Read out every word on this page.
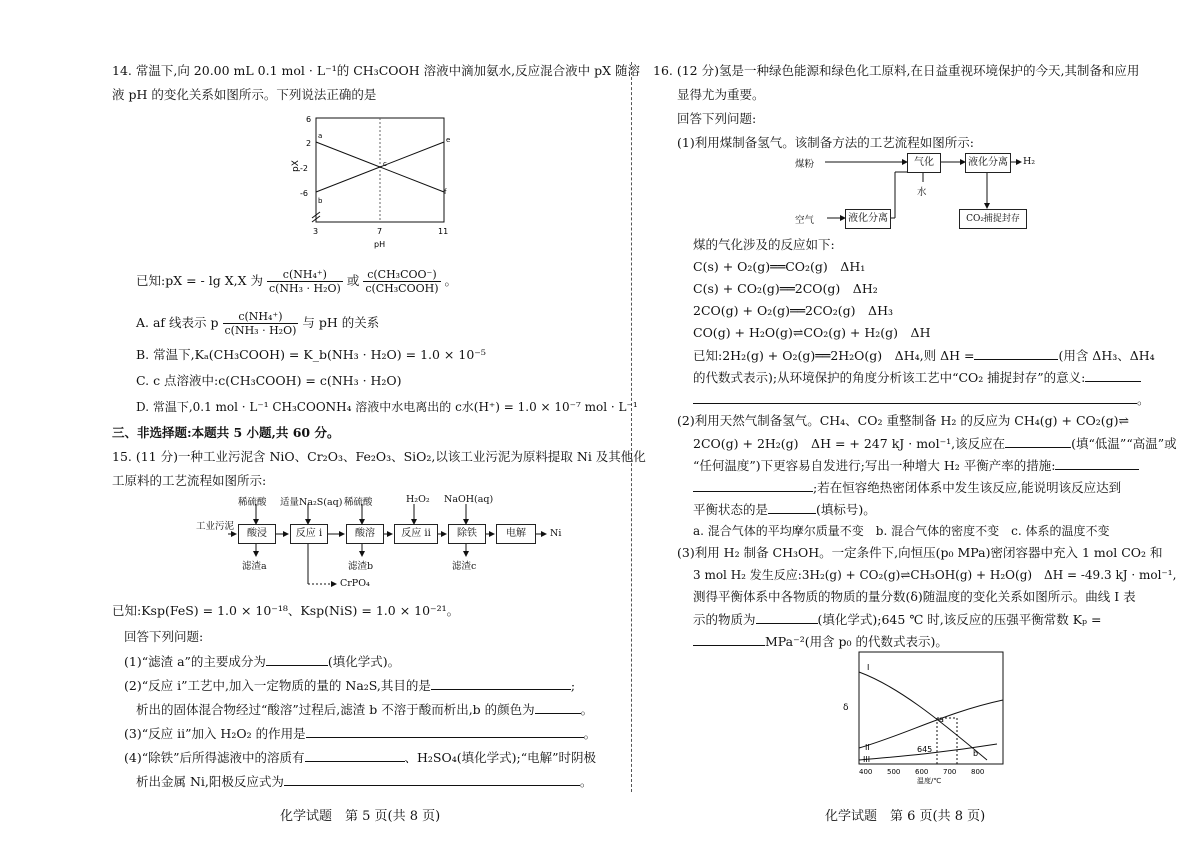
14. 常温下,向 20.00 mL 0.1 mol · L⁻¹的 CH₃COOH 溶液中滴加氨水,反应混合液中 pX 随溶
液 pH 的变化关系如图所示。下列说法正确的是
6
2
-2
-6
pX
3	7	11
pH
a
b
c
e
f
已知:pX = - lg X,X 为 $\frac{\text{c(NH₄⁺)}}{\text{c(NH₃ · H₂O)}}$ 或 $\frac{\text{c(CH₃COO⁻)}}{\text{c(CH₃COOH)}}$ 。
A. af 线表示 p $\frac{\text{c(NH₄⁺)}}{\text{c(NH₃ · H₂O)}}$ 与 pH 的关系
B. 常温下,Kₐ(CH₃COOH) = K_b(NH₃ · H₂O) = 1.0 × 10⁻⁵
C. c 点溶液中:c(CH₃COOH) = c(NH₃ · H₂O)
D. 常温下,0.1 mol · L⁻¹ CH₃COONH₄ 溶液中水电离出的 c水(H⁺) = 1.0 × 10⁻⁷ mol · L⁻¹
三、非选择题:本题共 5 小题,共 60 分。
15. (11 分)一种工业污泥含 NiO、Cr₂O₃、Fe₂O₃、SiO₂,以该工业污泥为原料提取 Ni 及其他化
工原料的工艺流程如图所示:
工业污泥
稀硫酸 适量Na₂S(aq) 稀硫酸	H₂O₂ NaOH(aq)
酸浸	反应 i	酸溶	反应 ii	除铁	电解	Ni
滤渣a	滤渣b	滤渣c
CrPO₄
已知:Ksp(FeS) = 1.0 × 10⁻¹⁸、Ksp(NiS) = 1.0 × 10⁻²¹。
回答下列问题:
(1)“滤渣 a”的主要成分为	(填化学式)。
(2)“反应 i”工艺中,加入一定物质的量的 Na₂S,其目的是	;
析出的固体混合物经过“酸溶”过程后,滤渣 b 不溶于酸而析出,b 的颜色为	。
(3)“反应 ii”加入 H₂O₂ 的作用是	。
(4)“除铁”后所得滤液中的溶质有	、H₂SO₄(填化学式);“电解”时阴极
析出金属 Ni,阳极反应式为	。
化学试题　第 5 页(共 8 页)
16. (12 分)氢是一种绿色能源和绿色化工原料,在日益重视环境保护的今天,其制备和应用
显得尤为重要。
回答下列问题:
(1)利用煤制备氢气。该制备方法的工艺流程如图所示:
煤粉	气化	液化分离	H₂
水
空气	液化分离	CO₂捕捉封存
煤的气化涉及的反应如下:
C(s) + O₂(g)══CO₂(g)　ΔH₁
C(s) + CO₂(g)══2CO(g)　ΔH₂
2CO(g) + O₂(g)══2CO₂(g)　ΔH₃
CO(g) + H₂O(g)⇌CO₂(g) + H₂(g)　ΔH
已知:2H₂(g) + O₂(g)══2H₂O(g)　ΔH₄,则 ΔH =	(用含 ΔH₃、ΔH₄
的代数式表示);从环境保护的角度分析该工艺中“CO₂ 捕捉封存”的意义:
。
(2)利用天然气制备氢气。CH₄、CO₂ 重整制备 H₂ 的反应为 CH₄(g) + CO₂(g)⇌
2CO(g) + 2H₂(g)　ΔH = + 247 kJ · mol⁻¹,该反应在	(填“低温”“高温”或
“任何温度”)下更容易自发进行;写出一种增大 H₂ 平衡产率的措施:
;若在恒容绝热密闭体系中发生该反应,能说明该反应达到
平衡状态的是	(填标号)。
a. 混合气体的平均摩尔质量不变　b. 混合气体的密度不变　c. 体系的温度不变
(3)利用 H₂ 制备 CH₃OH。一定条件下,向恒压(p₀ MPa)密闭容器中充入 1 mol CO₂ 和
3 mol H₂ 发生反应:3H₂(g) + CO₂(g)⇌CH₃OH(g) + H₂O(g)　ΔH = -49.3 kJ · mol⁻¹,
测得平衡体系中各物质的物质的量分数(δ)随温度的变化关系如图所示。曲线 I 表
示的物质为	(填化学式);645 ℃ 时,该反应的压强平衡常数 Kₚ =
MPa⁻²(用含 p₀ 的代数式表示)。
I
II
III
a
b
645
δ
400 500 600 700 800
温度/℃
化学试题　第 6 页(共 8 页)
